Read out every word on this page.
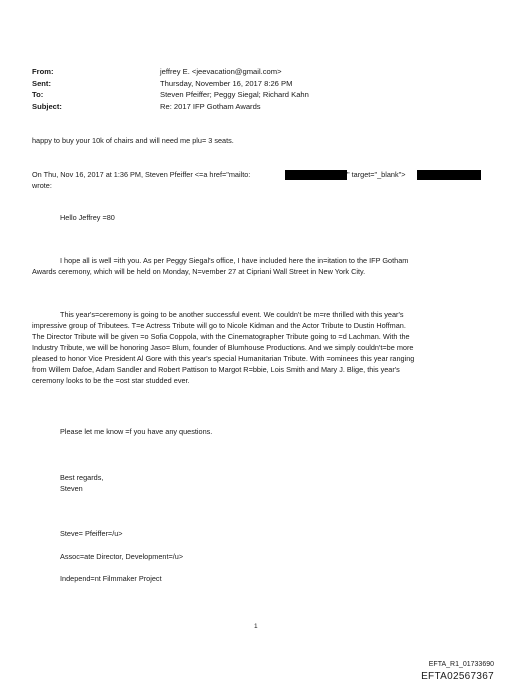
From:	jeffrey E. <jeevacation@gmail.com>
Sent:	Thursday, November 16, 2017 8:26 PM
To:	Steven Pfeiffer; Peggy Siegal; Richard Kahn
Subject:	Re: 2017 IFP Gotham Awards
happy to buy your 10k of chairs and will need me plu= 3 seats.
On Thu, Nov 16, 2017 at 1:36 PM, Steven Pfeiffer <=a href="mailto:	" target="_blank">
wrote:
Hello Jeffrey =80
I hope all is well =ith you. As per Peggy Siegal's office, I have included here the in=itation to the IFP Gotham
Awards ceremony, which will be held on Monday, N=vember 27 at Cipriani Wall Street in New York City.
This year's=ceremony is going to be another successful event. We couldn't be m=re thrilled with this year's
impressive group of Tributees. T=e Actress Tribute will go to Nicole Kidman and the Actor Tribute to Dustin Hoffman.
The Director Tribute will be given =o Sofia Coppola, with the Cinematographer Tribute going to =d Lachman. With the
Industry Tribute, we will be honoring Jaso= Blum, founder of Blumhouse Productions. And we simply couldn't=be more
pleased to honor Vice President Al Gore with this year's special Humanitarian Tribute. With =ominees this year ranging
from Willem Dafoe, Adam Sandler and Robert Pattison to Margot R=bbie, Lois Smith and Mary J. Blige, this year's
ceremony looks to be the =ost star studded ever.
Please let me know =f you have any questions.
Best regards,
Steven
Steve= Pfeiffer=/u>
Assoc=ate Director, Development=/u>
Independ=nt Filmmaker Project
1
EFTA_R1_01733690
EFTA02567367
